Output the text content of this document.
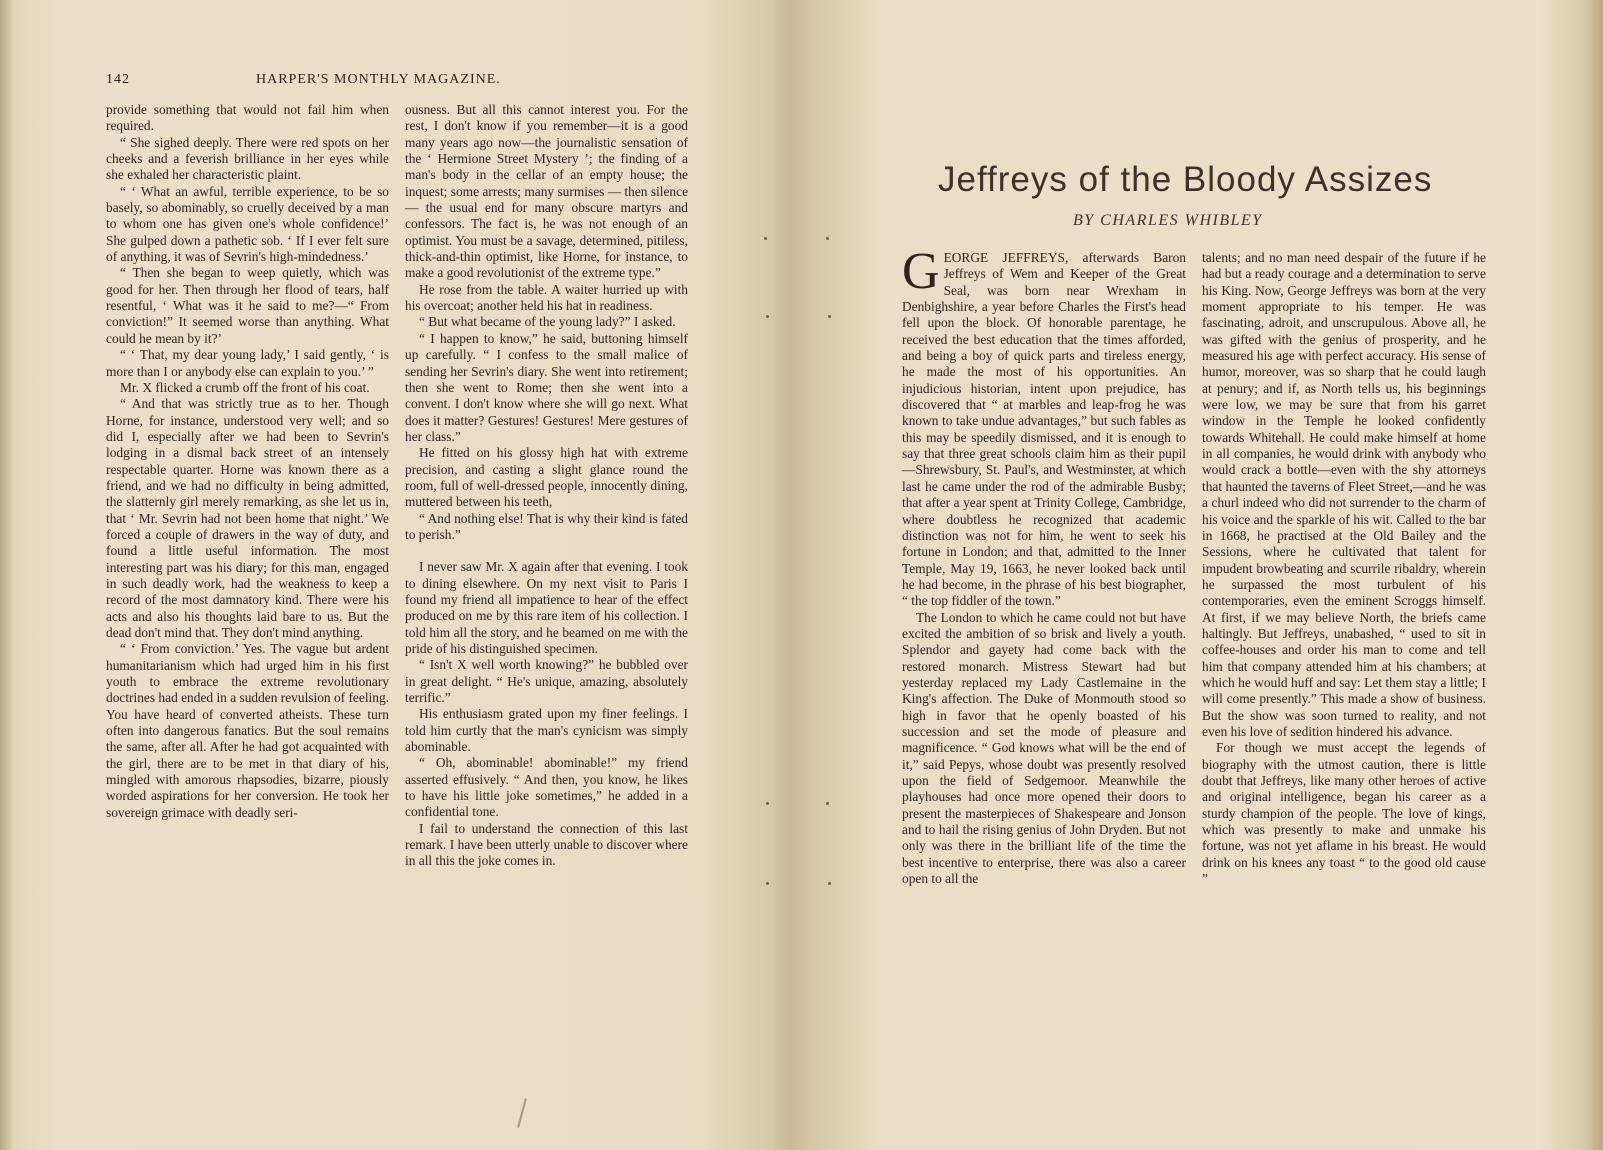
142	HARPER'S MONTHLY MAGAZINE.

provide something that would not fail him when required.

“ She sighed deeply. There were red spots on her cheeks and a feverish brilliance in her eyes while she exhaled her characteristic plaint.

“ ‘ What an awful, terrible experience, to be so basely, so abominably, so cruelly deceived by a man to whom one has given one's whole confidence!’ She gulped down a pathetic sob. ‘ If I ever felt sure of anything, it was of Sevrin's high-mindedness.’

“ Then she began to weep quietly, which was good for her. Then through her flood of tears, half resentful, ‘ What was it he said to me?—“ From conviction!” It seemed worse than anything. What could he mean by it?’

“ ‘ That, my dear young lady,’ I said gently, ‘ is more than I or anybody else can explain to you.’ ”

Mr. X flicked a crumb off the front of his coat.

“ And that was strictly true as to her. Though Horne, for instance, understood very well; and so did I, especially after we had been to Sevrin's lodging in a dismal back street of an intensely respectable quarter. Horne was known there as a friend, and we had no difficulty in being admitted, the slatternly girl merely remarking, as she let us in, that ‘ Mr. Sevrin had not been home that night.’ We forced a couple of drawers in the way of duty, and found a little useful information. The most interesting part was his diary; for this man, engaged in such deadly work, had the weakness to keep a record of the most damnatory kind. There were his acts and also his thoughts laid bare to us. But the dead don't mind that. They don't mind anything.

“ ‘ From conviction.’ Yes. The vague but ardent humanitarianism which had urged him in his first youth to embrace the extreme revolutionary doctrines had ended in a sudden revulsion of feeling. You have heard of converted atheists. These turn often into dangerous fanatics. But the soul remains the same, after all. After he had got acquainted with the girl, there are to be met in that diary of his, mingled with amorous rhapsodies, bizarre, piously worded aspirations for her conversion. He took her sovereign grimace with deadly seri-

ousness. But all this cannot interest you. For the rest, I don't know if you remember—it is a good many years ago now—the journalistic sensation of the ‘ Hermione Street Mystery ’; the finding of a man's body in the cellar of an empty house; the inquest; some arrests; many surmises — then silence — the usual end for many obscure martyrs and confessors. The fact is, he was not enough of an optimist. You must be a savage, determined, pitiless, thick-and-thin optimist, like Horne, for instance, to make a good revolutionist of the extreme type.”

He rose from the table. A waiter hurried up with his overcoat; another held his hat in readiness.

“ But what became of the young lady?” I asked.

“ I happen to know,” he said, buttoning himself up carefully. “ I confess to the small malice of sending her Sevrin's diary. She went into retirement; then she went to Rome; then she went into a convent. I don't know where she will go next. What does it matter? Gestures! Gestures! Mere gestures of her class.”

He fitted on his glossy high hat with extreme precision, and casting a slight glance round the room, full of well-dressed people, innocently dining, muttered between his teeth,

“ And nothing else! That is why their kind is fated to perish.”

I never saw Mr. X again after that evening. I took to dining elsewhere. On my next visit to Paris I found my friend all impatience to hear of the effect produced on me by this rare item of his collection. I told him all the story, and he beamed on me with the pride of his distinguished specimen.

“ Isn't X well worth knowing?” he bubbled over in great delight. “ He's unique, amazing, absolutely terrific.”

His enthusiasm grated upon my finer feelings. I told him curtly that the man's cynicism was simply abominable.

“ Oh, abominable! abominable!” my friend asserted effusively. “ And then, you know, he likes to have his little joke sometimes,” he added in a confidential tone.

I fail to understand the connection of this last remark. I have been utterly unable to discover where in all this the joke comes in.

Jeffreys of the Bloody Assizes
BY CHARLES WHIBLEY

GEORGE JEFFREYS, afterwards Baron Jeffreys of Wem and Keeper of the Great Seal, was born near Wrexham in Denbighshire, a year before Charles the First's head fell upon the block. Of honorable parentage, he received the best education that the times afforded, and being a boy of quick parts and tireless energy, he made the most of his opportunities. An injudicious historian, intent upon prejudice, has discovered that “ at marbles and leap-frog he was known to take undue advantages,” but such fables as this may be speedily dismissed, and it is enough to say that three great schools claim him as their pupil—Shrewsbury, St. Paul's, and Westminster, at which last he came under the rod of the admirable Busby; that after a year spent at Trinity College, Cambridge, where doubtless he recognized that academic distinction was not for him, he went to seek his fortune in London; and that, admitted to the Inner Temple, May 19, 1663, he never looked back until he had become, in the phrase of his best biographer, “ the top fiddler of the town.”

The London to which he came could not but have excited the ambition of so brisk and lively a youth. Splendor and gayety had come back with the restored monarch. Mistress Stewart had but yesterday replaced my Lady Castlemaine in the King's affection. The Duke of Monmouth stood so high in favor that he openly boasted of his succession and set the mode of pleasure and magnificence. “ God knows what will be the end of it,” said Pepys, whose doubt was presently resolved upon the field of Sedgemoor. Meanwhile the playhouses had once more opened their doors to present the masterpieces of Shakespeare and Jonson and to hail the rising genius of John Dryden. But not only was there in the brilliant life of the time the best incentive to enterprise, there was also a career open to all the

talents; and no man need despair of the future if he had but a ready courage and a determination to serve his King. Now, George Jeffreys was born at the very moment appropriate to his temper. He was fascinating, adroit, and unscrupulous. Above all, he was gifted with the genius of prosperity, and he measured his age with perfect accuracy. His sense of humor, moreover, was so sharp that he could laugh at penury; and if, as North tells us, his beginnings were low, we may be sure that from his garret window in the Temple he looked confidently towards Whitehall. He could make himself at home in all companies, he would drink with anybody who would crack a bottle—even with the shy attorneys that haunted the taverns of Fleet Street,—and he was a churl indeed who did not surrender to the charm of his voice and the sparkle of his wit. Called to the bar in 1668, he practised at the Old Bailey and the Sessions, where he cultivated that talent for impudent browbeating and scurrile ribaldry, wherein he surpassed the most turbulent of his contemporaries, even the eminent Scroggs himself. At first, if we may believe North, the briefs came haltingly. But Jeffreys, unabashed, “ used to sit in coffee-houses and order his man to come and tell him that company attended him at his chambers; at which he would huff and say: Let them stay a little; I will come presently.” This made a show of business. But the show was soon turned to reality, and not even his love of sedition hindered his advance.

For though we must accept the legends of biography with the utmost caution, there is little doubt that Jeffreys, like many other heroes of active and original intelligence, began his career as a sturdy champion of the people. The love of kings, which was presently to make and unmake his fortune, was not yet aflame in his breast. He would drink on his knees any toast “ to the good old cause ”
